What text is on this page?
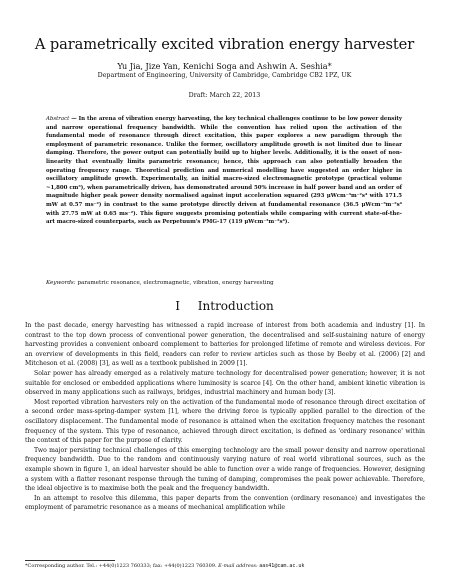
A parametrically excited vibration energy harvester
Yu Jia, Jize Yan, Kenichi Soga and Ashwin A. Seshia*
Department of Engineering, University of Cambridge, Cambridge CB2 1PZ, UK
Draft: March 22, 2013
Abstract — In the arena of vibration energy harvesting, the key technical challenges continue to be low power density and narrow operational frequency bandwidth. While the convention has relied upon the activation of the fundamental mode of resonance through direct excitation, this paper explores a new paradigm through the employment of parametric resonance. Unlike the former, oscillatory amplitude growth is not limited due to linear damping. Therefore, the power output can potentially build up to higher levels. Additionally, it is the onset of non-linearity that eventually limits parametric resonance; hence, this approach can also potentially broaden the operating frequency range. Theoretical prediction and numerical modelling have suggested an order higher in oscillatory amplitude growth. Experimentally, an initial macro-sized electromagnetic prototype (practical volume ~1,800 cm³), when parametrically driven, has demonstrated around 50% increase in half power band and an order of magnitude higher peak power density normalised against input acceleration squared (293 μWcm⁻³m⁻²s⁴ with 171.5 mW at 0.57 ms⁻²) in contrast to the same prototype directly driven at fundamental resonance (36.5 μWcm⁻³m⁻²s⁴ with 27.75 mW at 0.65 ms⁻²). This figure suggests promising potentials while comparing with current state-of-the-art macro-sized counterparts, such as Perpetuum's PMG-17 (119 μWcm⁻³m⁻²s⁴).
Keywords: parametric resonance, electromagnetic, vibration, energy harvesting
I Introduction

In the past decade, energy harvesting has witnessed a rapid increase of interest from both academia and industry [1]. In contrast to the top down process of conventional power generation, the decentralised and self-sustaining nature of energy harvesting provides a convenient onboard complement to batteries for prolonged lifetime of remote and wireless devices. For an overview of developments in this field, readers can refer to review articles such as those by Beeby et al. (2006) [2] and Mitcheson et al. (2008) [3], as well as a textbook published in 2009 [1].

Solar power has already emerged as a relatively mature technology for decentralised power generation; however, it is not suitable for enclosed or embedded applications where luminosity is scarce [4]. On the other hand, ambient kinetic vibration is observed in many applications such as railways, bridges, industrial machinery and human body [3].

Most reported vibration harvesters rely on the activation of the fundamental mode of resonance through direct excitation of a second order mass-spring-damper system [1], where the driving force is typically applied parallel to the direction of the oscillatory displacement. The fundamental mode of resonance is attained when the excitation frequency matches the resonant frequency of the system. This type of resonance, achieved through direct excitation, is defined as 'ordinary resonance' within the context of this paper for the purpose of clarity.

Two major persisting technical challenges of this emerging technology are the small power density and narrow operational frequency bandwidth. Due to the random and continuously varying nature of real world vibrational sources, such as the example shown in figure 1, an ideal harvester should be able to function over a wide range of frequencies. However, designing a system with a flatter resonant response through the tuning of damping, compromises the peak power achievable. Therefore, the ideal objective is to maximise both the peak and the frequency bandwidth.

In an attempt to resolve this dilemma, this paper departs from the convention (ordinary resonance) and investigates the employment of parametric resonance as a means of mechanical amplification while

*Corresponding author. Tel.: +44(0)1223 760333; fax: +44(0)1223 760309. E-mail address: aas41@cam.ac.uk
